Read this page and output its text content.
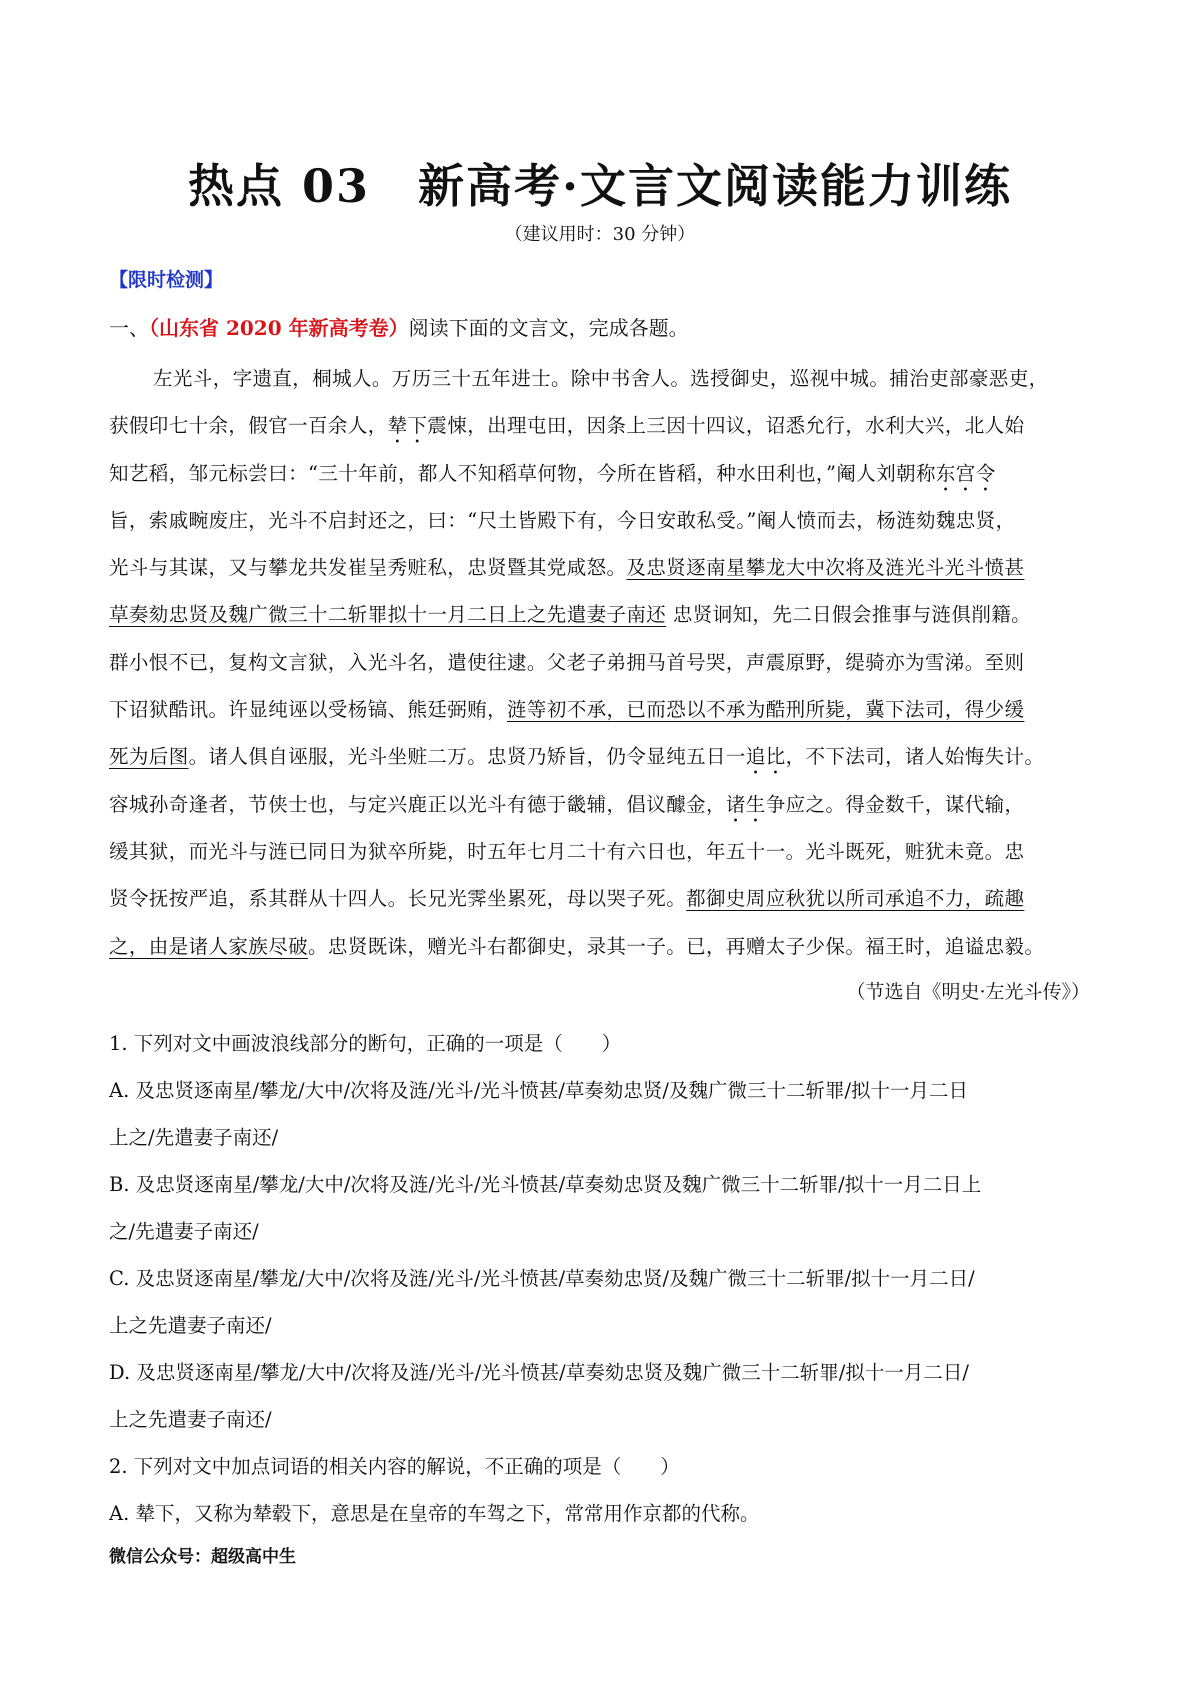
热点 03　新高考·文言文阅读能力训练
（建议用时：30 分钟）
【限时检测】
一、（山东省 2020 年新高考卷）阅读下面的文言文，完成各题。
左光斗，字遗直，桐城人。万历三十五年进士。除中书舍人。选授御史，巡视中城。捕治吏部豪恶吏，
获假印七十余，假官一百余人，辇下震悚，出理屯田，因条上三因十四议，诏悉允行，水利大兴，北人始
知艺稻，邹元标尝曰：“三十年前，都人不知稻草何物，今所在皆稻，种水田利也，”阉人刘朝称东宫令
旨，索戚畹废庄，光斗不启封还之，曰：“尺土皆殿下有，今日安敢私受。”阉人愤而去，杨涟劾魏忠贤，
光斗与其谋，又与攀龙共发崔呈秀赃私，忠贤暨其党咸怒。及忠贤逐南星攀龙大中次将及涟光斗光斗愤甚
草奏劾忠贤及魏广微三十二斩罪拟十一月二日上之先遣妻子南还 忠贤诇知，先二日假会推事与涟俱削籍。
群小恨不已，复构文言狱，入光斗名，遣使往逮。父老子弟拥马首号哭，声震原野，缇骑亦为雪涕。至则
下诏狱酷讯。许显纯诬以受杨镐、熊廷弼贿，涟等初不承，已而恐以不承为酷刑所毙，冀下法司，得少缓
死为后图。诸人俱自诬服，光斗坐赃二万。忠贤乃矫旨，仍令显纯五日一追比，不下法司，诸人始悔失计。
容城孙奇逢者，节侠士也，与定兴鹿正以光斗有德于畿辅，倡议醵金，诸生争应之。得金数千，谋代输，
缓其狱，而光斗与涟已同日为狱卒所毙，时五年七月二十有六日也，年五十一。光斗既死，赃犹未竟。忠
贤令抚按严追，系其群从十四人。长兄光霁坐累死，母以哭子死。都御史周应秋犹以所司承追不力，疏趣
之，由是诸人家族尽破。忠贤既诛，赠光斗右都御史，录其一子。已，再赠太子少保。福王时，追谥忠毅。
（节选自《明史·左光斗传》）
1. 下列对文中画波浪线部分的断句，正确的一项是（　　）
A. 及忠贤逐南星/攀龙/大中/次将及涟/光斗/光斗愤甚/草奏劾忠贤/及魏广微三十二斩罪/拟十一月二日
上之/先遣妻子南还/
B. 及忠贤逐南星/攀龙/大中/次将及涟/光斗/光斗愤甚/草奏劾忠贤及魏广微三十二斩罪/拟十一月二日上
之/先遣妻子南还/
C. 及忠贤逐南星/攀龙/大中/次将及涟/光斗/光斗愤甚/草奏劾忠贤/及魏广微三十二斩罪/拟十一月二日/
上之先遣妻子南还/
D. 及忠贤逐南星/攀龙/大中/次将及涟/光斗/光斗愤甚/草奏劾忠贤及魏广微三十二斩罪/拟十一月二日/
上之先遣妻子南还/
2. 下列对文中加点词语的相关内容的解说，不正确的项是（　　）
A. 辇下，又称为辇毂下，意思是在皇帝的车驾之下，常常用作京都的代称。
微信公众号：超级高中生
